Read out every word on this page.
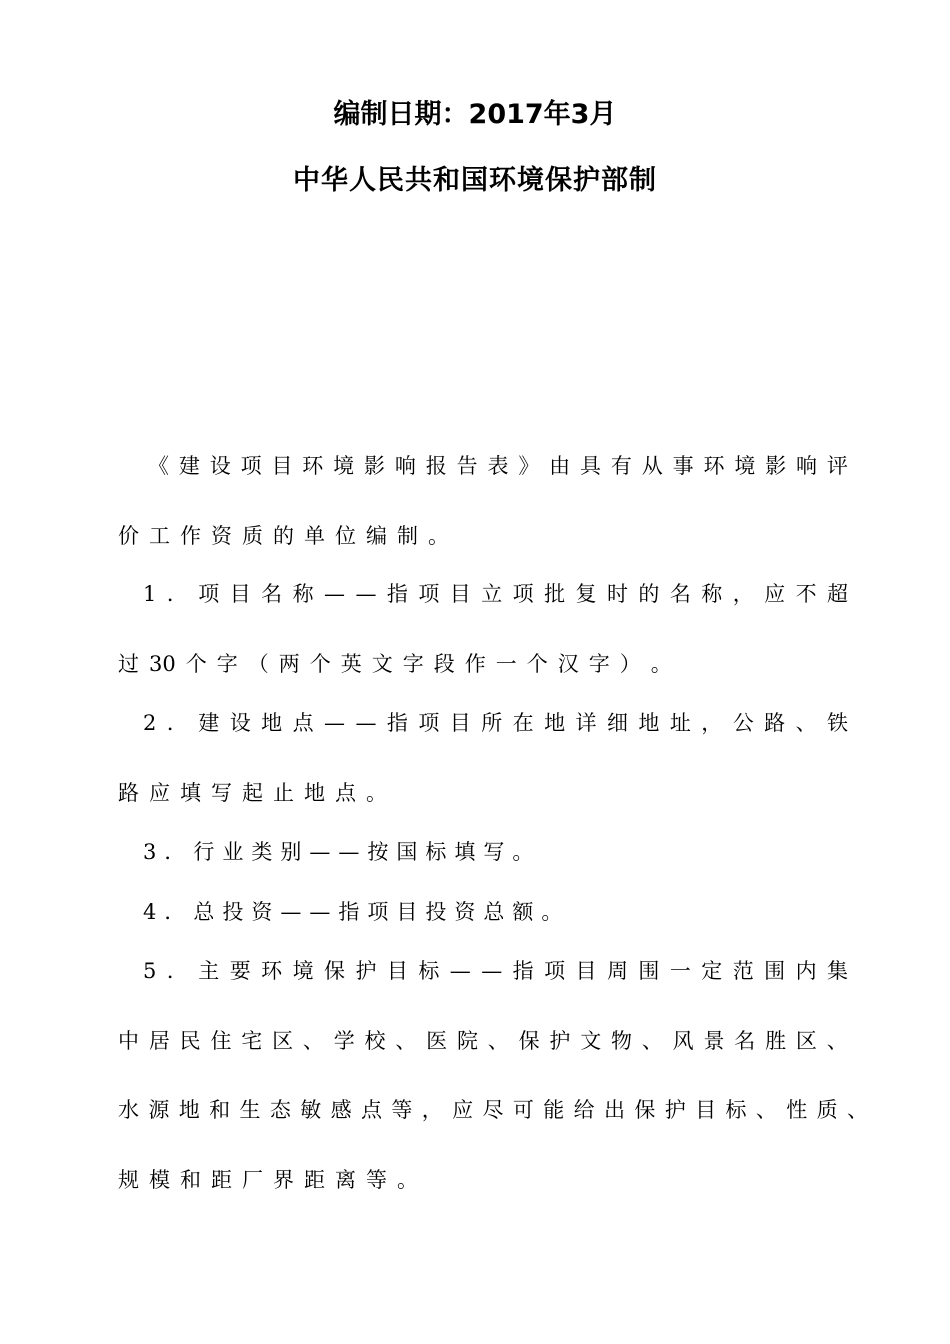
编制日期：2017年3月
中华人民共和国环境保护部制
《 建 设 项 目 环 境 影 响 报 告 表 》 由 具 有 从 事 环 境 影 响 评
价 工 作 资 质 的 单 位 编 制 。
1 ． 项 目 名 称 — — 指 项 目 立 项 批 复 时 的 名 称 ， 应 不 超
过 30 个 字 （ 两 个 英 文 字 段 作 一 个 汉 字 ） 。
2 ． 建 设 地 点 — — 指 项 目 所 在 地 详 细 地 址 ， 公 路 、 铁
路 应 填 写 起 止 地 点 。
3 ． 行 业 类 别 — — 按 国 标 填 写 。
4 ． 总 投 资 — — 指 项 目 投 资 总 额 。
5 ． 主 要 环 境 保 护 目 标 — — 指 项 目 周 围 一 定 范 围 内 集
中 居 民 住 宅 区 、 学 校 、 医 院 、 保 护 文 物 、 风 景 名 胜 区 、
水 源 地 和 生 态 敏 感 点 等 ， 应 尽 可 能 给 出 保 护 目 标 、 性 质 、
规 模 和 距 厂 界 距 离 等 。
